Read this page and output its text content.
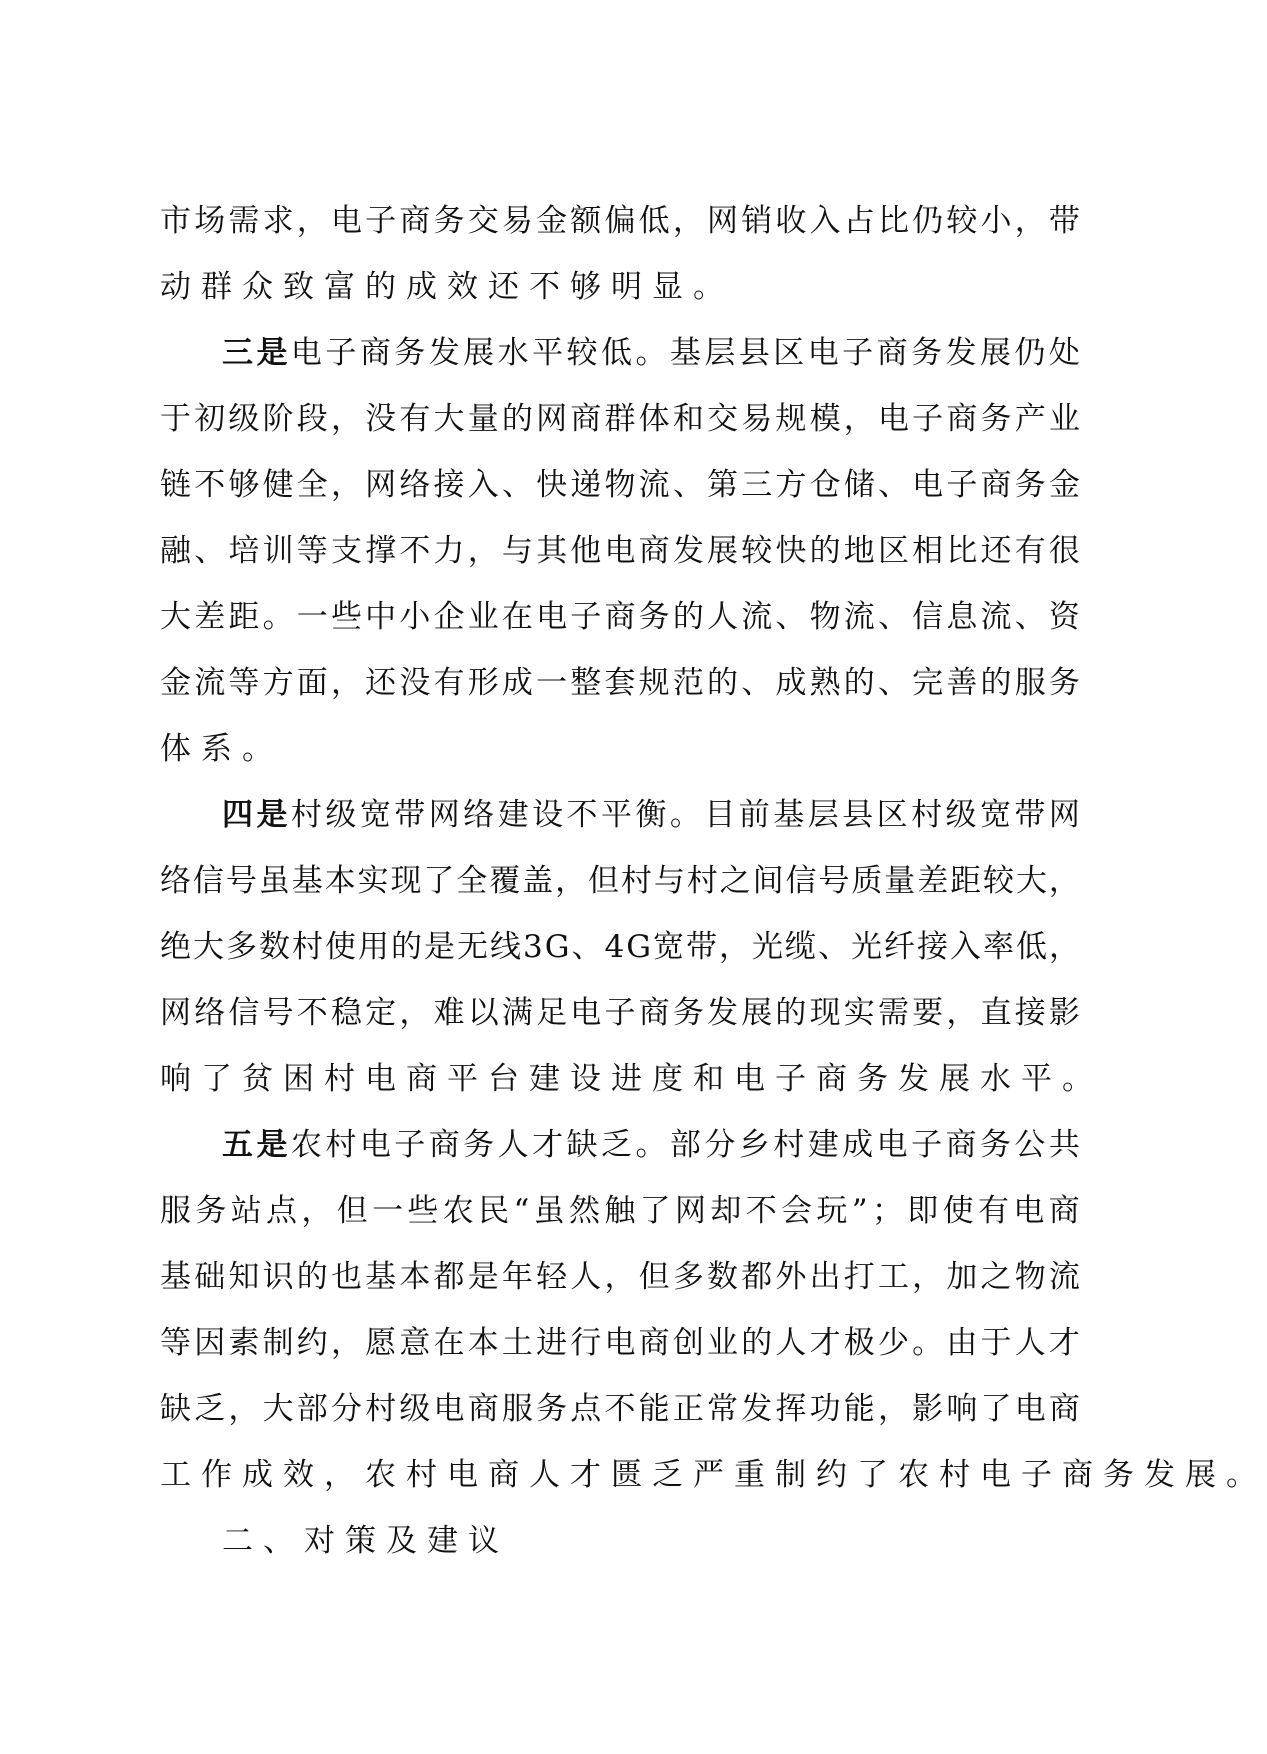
市 场 需 求 ， 电 子 商 务 交 易 金 额 偏 低 ， 网 销 收 入 占 比 仍 较 小 ， 带
动 群 众 致 富 的 成 效 还 不 够 明 显 。
三 是 电 子 商 务 发 展 水 平 较 低 。 基 层 县 区 电 子 商 务 发 展 仍 处
于 初 级 阶 段 ， 没 有 大 量 的 网 商 群 体 和 交 易 规 模 ， 电 子 商 务 产 业
链 不 够 健 全 ， 网 络 接 入 、 快 递 物 流 、 第 三 方 仓 储 、 电 子 商 务 金
融 、 培 训 等 支 撑 不 力 ， 与 其 他 电 商 发 展 较 快 的 地 区 相 比 还 有 很
大 差 距 。 一 些 中 小 企 业 在 电 子 商 务 的 人 流 、 物 流 、 信 息 流 、 资
金 流 等 方 面 ， 还 没 有 形 成 一 整 套 规 范 的 、 成 熟 的 、 完 善 的 服 务
体 系 。
四 是 村 级 宽 带 网 络 建 设 不 平 衡 。 目 前 基 层 县 区 村 级 宽 带 网
络 信 号 虽 基 本 实 现 了 全 覆 盖 ， 但 村 与 村 之 间 信 号 质 量 差 距 较 大 ，
绝 大 多 数 村 使 用 的 是 无 线 3 G 、 4 G 宽 带 ， 光 缆 、 光 纤 接 入 率 低 ，
网 络 信 号 不 稳 定 ， 难 以 满 足 电 子 商 务 发 展 的 现 实 需 要 ， 直 接 影
响 了 贫 困 村 电 商 平 台 建 设 进 度 和 电 子 商 务 发 展 水 平 。
五 是 农 村 电 子 商 务 人 才 缺 乏 。 部 分 乡 村 建 成 电 子 商 务 公 共
服 务 站 点 ， 但 一 些 农 民 “ 虽 然 触 了 网 却 不 会 玩 ” ； 即 使 有 电 商
基 础 知 识 的 也 基 本 都 是 年 轻 人 ， 但 多 数 都 外 出 打 工 ， 加 之 物 流
等 因 素 制 约 ， 愿 意 在 本 土 进 行 电 商 创 业 的 人 才 极 少 。 由 于 人 才
缺 乏 ， 大 部 分 村 级 电 商 服 务 点 不 能 正 常 发 挥 功 能 ， 影 响 了 电 商
工 作 成 效 ， 农 村 电 商 人 才 匮 乏 严 重 制 约 了 农 村 电 子 商 务 发 展 。
二 、 对 策 及 建 议
